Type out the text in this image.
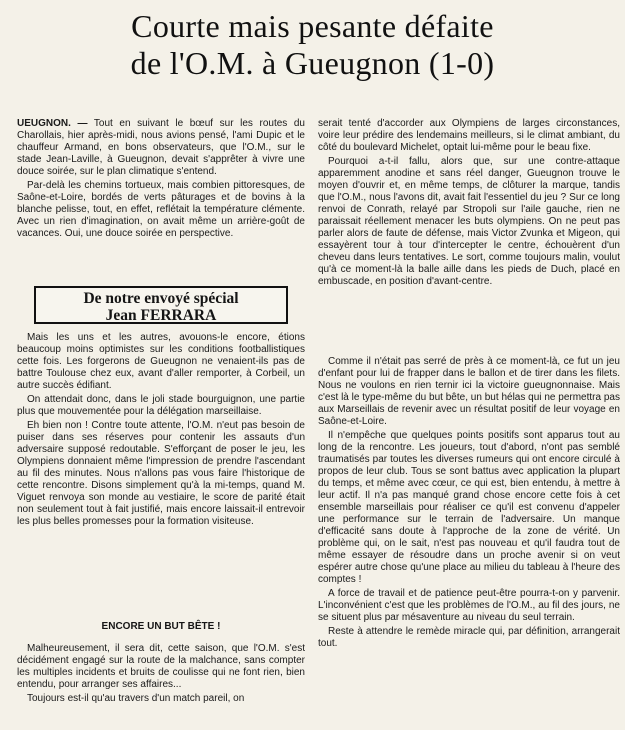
Courte mais pesante défaite
de l'O.M. à Gueugnon (1-0)

UEUGNON. — Tout en suivant le bœuf sur les routes du Charollais, hier après-midi, nous avions pensé, l'ami Dupic et le chauffeur Armand, en bons observateurs, que l'O.M., sur le stade Jean-Laville, à Gueugnon, devait s'apprêter à vivre une douce soirée, sur le plan climatique s'entend.

Par-delà les chemins tortueux, mais combien pittoresques, de Saône-et-Loire, bordés de verts pâturages et de bovins à la blanche pelisse, tout, en effet, reflétait la température clémente. Avec un rien d'imagination, on avait même un arrière-goût de vacances. Oui, une douce soirée en perspective.

De notre envoyé spécial
Jean FERRARA

Mais les uns et les autres, avouons-le encore, étions beaucoup moins optimistes sur les conditions footballistiques cette fois. Les forgerons de Gueugnon ne venaient-ils pas de battre Toulouse chez eux, avant d'aller remporter, à Corbeil, un autre succès édifiant.

On attendait donc, dans le joli stade bourguignon, une partie plus que mouvementée pour la délégation marseillaise.

Eh bien non ! Contre toute attente, l'O.M. n'eut pas besoin de puiser dans ses réserves pour contenir les assauts d'un adversaire supposé redoutable. S'efforçant de poser le jeu, les Olympiens donnaient même l'impression de prendre l'ascendant au fil des minutes. Nous n'allons pas vous faire l'historique de cette rencontre. Disons simplement qu'à la mi-temps, quand M. Viguet renvoya son monde au vestiaire, le score de parité était non seulement tout à fait justifié, mais encore laissait-il entrevoir les plus belles promesses pour la formation visiteuse.

ENCORE UN BUT BÊTE !

Malheureusement, il sera dit, cette saison, que l'O.M. s'est décidément engagé sur la route de la malchance, sans compter les multiples incidents et bruits de coulisse qui ne font rien, bien entendu, pour arranger ses affaires...

Toujours est-il qu'au travers d'un match pareil, on

serait tenté d'accorder aux Olympiens de larges circonstances, voire leur prédire des lendemains meilleurs, si le climat ambiant, du côté du boulevard Michelet, optait lui-même pour le beau fixe.

Pourquoi a-t-il fallu, alors que, sur une contre-attaque apparemment anodine et sans réel danger, Gueugnon trouve le moyen d'ouvrir et, en même temps, de clôturer la marque, tandis que l'O.M., nous l'avons dit, avait fait l'essentiel du jeu ? Sur ce long renvoi de Conrath, relayé par Stropoli sur l'aile gauche, rien ne paraissait réellement menacer les buts olympiens. On ne peut pas parler alors de faute de défense, mais Victor Zvunka et Migeon, qui essayèrent tour à tour d'intercepter le centre, échouèrent d'un cheveu dans leurs tentatives. Le sort, comme toujours malin, voulut qu'à ce moment-là la balle aille dans les pieds de Duch, placé en embuscade, en position d'avant-centre.

Comme il n'était pas serré de près à ce moment-là, ce fut un jeu d'enfant pour lui de frapper dans le ballon et de tirer dans les filets. Nous ne voulons en rien ternir ici la victoire gueugnonnaise. Mais c'est là le type-même du but bête, un but hélas qui ne permettra pas aux Marseillais de revenir avec un résultat positif de leur voyage en Saône-et-Loire.

Il n'empêche que quelques points positifs sont apparus tout au long de la rencontre. Les joueurs, tout d'abord, n'ont pas semblé traumatisés par toutes les diverses rumeurs qui ont encore circulé à propos de leur club. Tous se sont battus avec application la plupart du temps, et même avec cœur, ce qui est, bien entendu, à mettre à leur actif. Il n'a pas manqué grand chose encore cette fois à cet ensemble marseillais pour réaliser ce qu'il est convenu d'appeler une performance sur le terrain de l'adversaire. Un manque d'efficacité sans doute à l'approche de la zone de vérité. Un problème qui, on le sait, n'est pas nouveau et qu'il faudra tout de même essayer de résoudre dans un proche avenir si on veut espérer autre chose qu'une place au milieu du tableau à l'heure des comptes !

A force de travail et de patience peut-être pourra-t-on y parvenir. L'inconvénient c'est que les problèmes de l'O.M., au fil des jours, ne se situent plus par mésaventure au niveau du seul terrain.

Reste à attendre le remède miracle qui, par définition, arrangerait tout.
